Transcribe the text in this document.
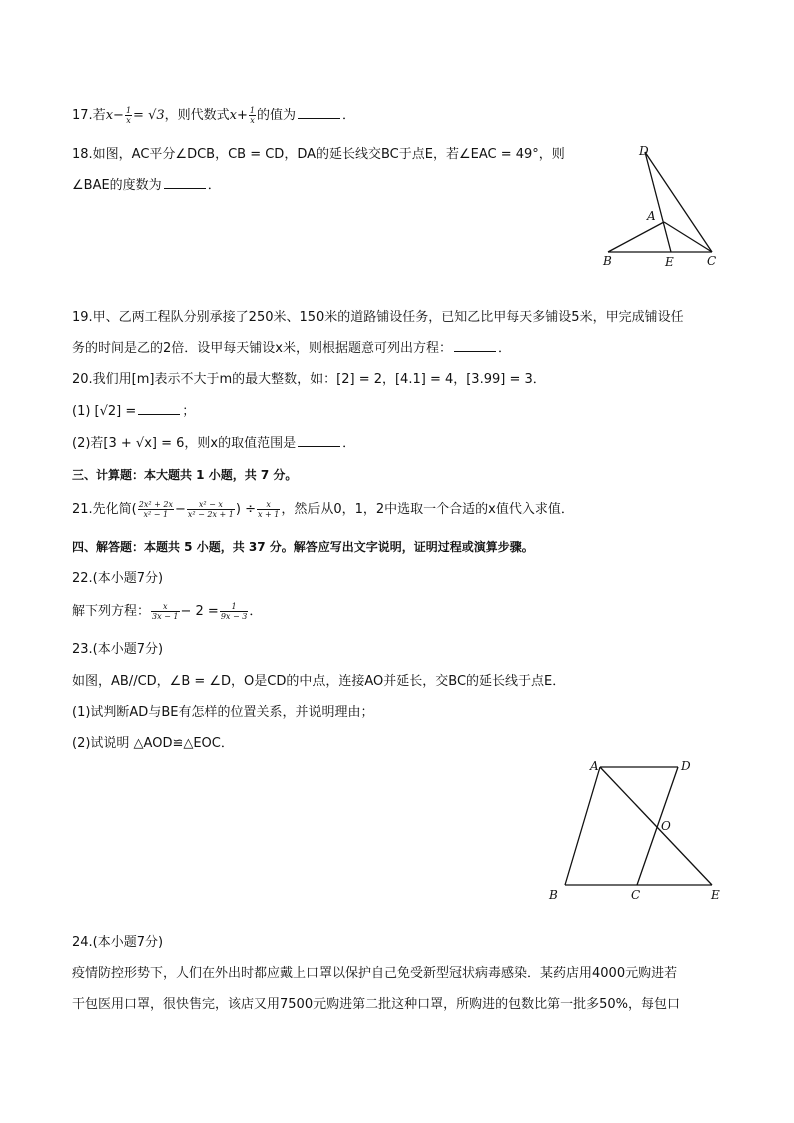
17.若$x- \frac{1}{x} = √3$，则代数式$x+ \frac{1}{x}$ 的值为	．
18.如图，AC平分∠DCB，CB = CD，DA的延长线交BC于点E，若∠EAC = 49°，则
∠BAE的度数为	．
D
A
B	E	C
19.甲、乙两工程队分别承接了250米、150米的道路铺设任务，已知乙比甲每天多铺设5米，甲完成铺设任
务的时间是乙的2倍．设甲每天铺设x米，则根据题意可列出方程：	．
20.我们用[m]表示不大于m的最大整数，如：[2] = 2，[4.1] = 4，[3.99] = 3．
(1) [√2] =	；
(2)若[3 + √x] = 6，则x的取值范围是	．
三、计算题：本大题共 1 小题，共 7 分。
21.先化简( $\frac{\text{2x² + 2x}}{\text{x² − 1}} - \frac{\text{x² − x}}{\text{x² − 2x + 1}}$ ) ÷ $\frac{x}{x + 1}$ ，然后从0，1，2中选取一个合适的x值代入求值．
四、解答题：本题共 5 小题，共 37 分。解答应写出文字说明，证明过程或演算步骤。
22.(本小题7分)
解下列方程： $\frac{x}{3x - 1} - 2 = \frac{1}{9x - 3}$ ．
23.(本小题7分)
如图，AB//CD，∠B = ∠D，O是CD的中点，连接AO并延长，交BC的延长线于点E．
(1)试判断AD与BE有怎样的位置关系，并说明理由；
(2)试说明 △AOD≌△EOC．
A	D
O
B	C	E
24.(本小题7分)
疫情防控形势下，人们在外出时都应戴上口罩以保护自己免受新型冠状病毒感染．某药店用4000元购进若
干包医用口罩，很快售完，该店又用7500元购进第二批这种口罩，所购进的包数比第一批多50%，每包口
